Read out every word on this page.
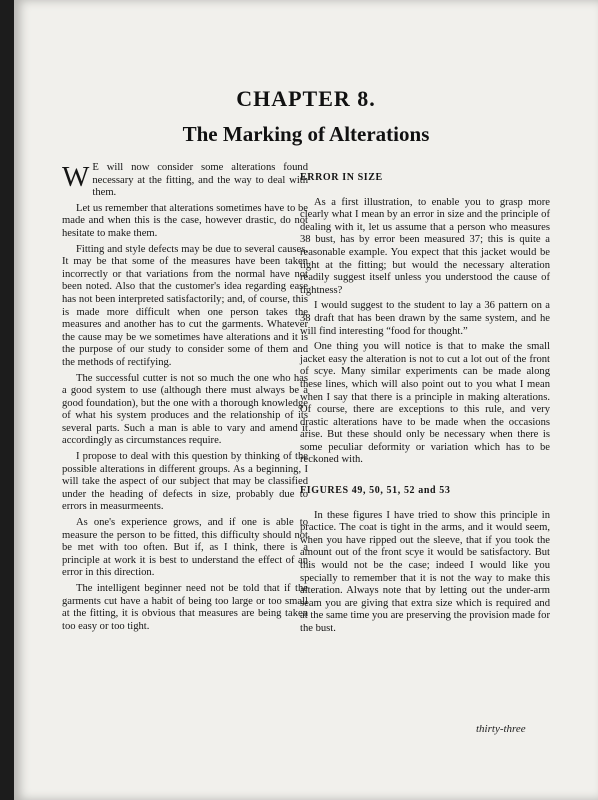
CHAPTER 8.
The Marking of Alterations

W E will now consider some alterations found necessary at the fitting, and the way to deal with them.

Let us remember that alterations sometimes have to be made and when this is the case, however drastic, do not hesitate to make them.

Fitting and style defects may be due to several causes. It may be that some of the measures have been taken incorrectly or that variations from the normal have not been noted. Also that the customer's idea regarding ease has not been interpreted satisfactorily; and, of course, this is made more difficult when one person takes the measures and another has to cut the garments. Whatever the cause may be we sometimes have alterations and it is the purpose of our study to consider some of them and the methods of rectifying.

The successful cutter is not so much the one who has a good system to use (although there must always be a good foundation), but the one with a thorough knowledge of what his system produces and the relationship of its several parts. Such a man is able to vary and amend it accordingly as circumstances require.

I propose to deal with this question by thinking of the possible alterations in different groups. As a beginning, I will take the aspect of our subject that may be classified under the heading of defects in size, probably due to errors in measurmeents.

As one's experience grows, and if one is able to measure the person to be fitted, this difficulty should not be met with too often. But if, as I think, there is a principle at work it is best to understand the effect of an error in this direction.

The intelligent beginner need not be told that if the garments cut have a habit of being too large or too small at the fitting, it is obvious that measures are being taken too easy or too tight.

ERROR IN SIZE

As a first illustration, to enable you to grasp more clearly what I mean by an error in size and the principle of dealing with it, let us assume that a person who measures 38 bust, has by error been measured 37; this is quite a reasonable example. You expect that this jacket would be tight at the fitting; but would the necessary alteration readily suggest itself unless you understood the cause of tightness?

I would suggest to the student to lay a 36 pattern on a 38 draft that has been drawn by the same system, and he will find interesting “food for thought.”

One thing you will notice is that to make the small jacket easy the alteration is not to cut a lot out of the front of scye. Many similar experiments can be made along these lines, which will also point out to you what I mean when I say that there is a principle in making alterations. Of course, there are exceptions to this rule, and very drastic alterations have to be made when the occasions arise. But these should only be necessary when there is some peculiar deformity or variation which has to be reckoned with.

FIGURES 49, 50, 51, 52 and 53

In these figures I have tried to show this principle in practice. The coat is tight in the arms, and it would seem, when you have ripped out the sleeve, that if you took the amount out of the front scye it would be satisfactory. But this would not be the case; indeed I would like you specially to remember that it is not the way to make this alteration. Always note that by letting out the under-arm seam you are giving that extra size which is required and at the same time you are preserving the provision made for the bust.

thirty-three
